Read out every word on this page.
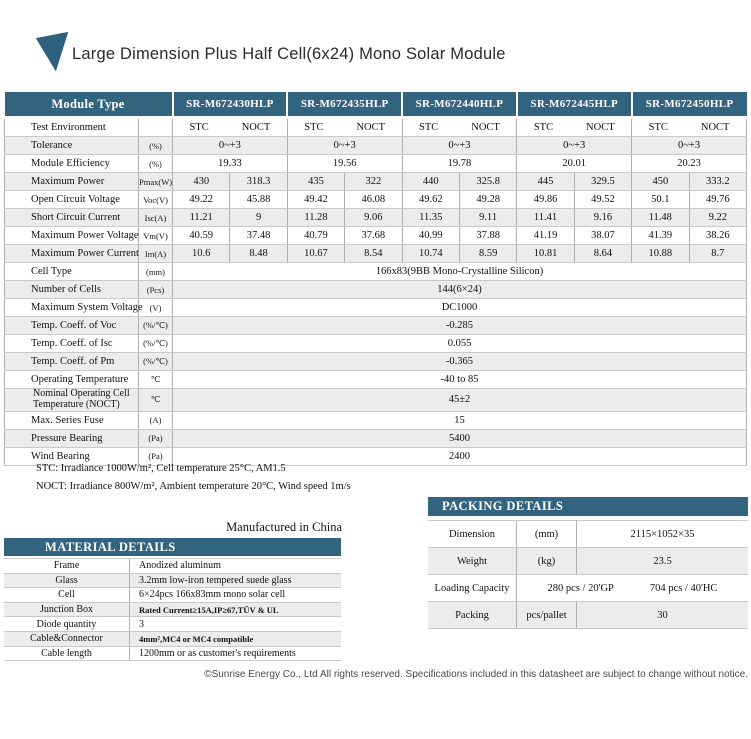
Large Dimension Plus Half Cell(6x24) Mono Solar Module
Module Type		SR-M672430HLP		SR-M672435HLP		SR-M672440HLP		SR-M672445HLP		SR-M672450HLP	
Test Environment		STC NOCT		STC NOCT		STC NOCT		STC NOCT		STC NOCT	

Tolerance	(%)	0~+3		0~+3		0~+3		0~+3		0~+3	
Module Efficiency	(%)	19.33		19.56		19.78		20.01		20.23	
Maximum Power	Pmax(W)	430	318.3	435	322	440	325.8	445	329.5	450	333.2
Open Circuit Voltage	Voc(V)	49.22	45.88	49.42	46.08	49.62	49.28	49.86	49.52	50.1	49.76
Short Circuit Current	Isc(A)	11.21	9	11.28	9.06	11.35	9.11	11.41	9.16	11.48	9.22
Maximum Power Voltage	Vm(V)	40.59	37.48	40.79	37.68	40.99	37.88	41.19	38.07	41.39	38.26
Maximum Power Current	Im(A)	10.6	8.48	10.67	8.54	10.74	8.59	10.81	8.64	10.88	8.7
Cell Type	(mm)	166x83(9BB Mono-Crystalline Silicon)									
Number of Cells	(Pcs)	144(6×24)									
Maximum System Voltage	(V)	DC1000									
Temp. Coeff. of Voc	(%/℃)	-0.285									
Temp. Coeff. of Isc	(%/℃)	0.055									
Temp. Coeff. of Pm	(%/℃)	-0.365									
Operating Temperature	℃	-40 to 85									
Nominal Operating Cell Temperature (NOCT)	℃	45±2									
Max. Series Fuse	(A)	15									
Pressure Bearing	(Pa)	5400									
Wind Bearing	(Pa)	2400									
STC: Irradiance 1000W/m², Cell temperature 25°C, AM1.5
NOCT: Irradiance 800W/m², Ambient temperature 20°C, Wind speed 1m/s
Manufactured in China
MATERIAL DETAILS
Frame	Anodized aluminum
Glass	3.2mm low-iron tempered suede glass
Cell	6×24pcs 166x83mm mono solar cell
Junction Box	Rated Current≥15A,IP≥67,TÜV & UL
Diode quantity	3
Cable&Connector	4mm²,MC4 or MC4 compatible
Cable length	1200mm or as customer's requirements
PACKING DETAILS
Dimension	(mm)	2115×1052×35
Weight	(kg)	23.5
Loading Capacity	280 pcs / 20'GP 704 pcs / 40'HC	

Packing	pcs/pallet	30
©Sunrise Energy Co., Ltd All rights reserved. Specifications included in this datasheet are subject to change without notice.
